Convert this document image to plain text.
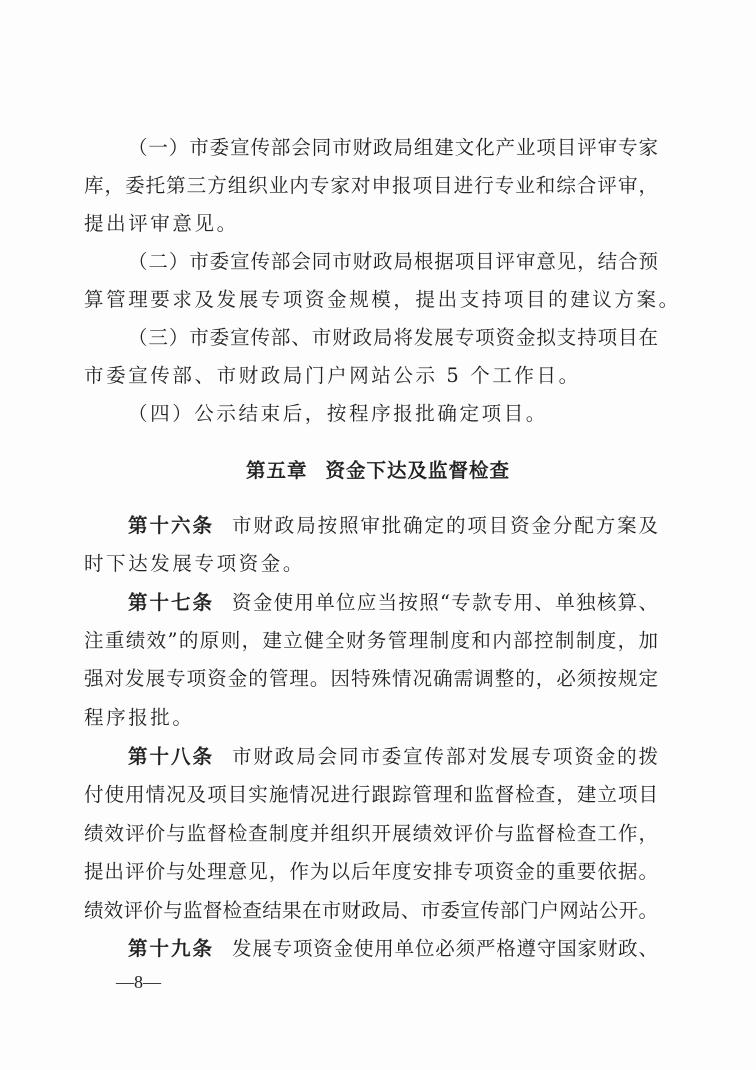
（一）市委宣传部会同市财政局组建文化产业项目评审专家
库，委托第三方组织业内专家对申报项目进行专业和综合评审，
提出评审意见。
（二）市委宣传部会同市财政局根据项目评审意见，结合预
算管理要求及发展专项资金规模，提出支持项目的建议方案。
（三）市委宣传部、市财政局将发展专项资金拟支持项目在
市委宣传部、市财政局门户网站公示 5 个工作日。
（四）公示结束后，按程序报批确定项目。
第五章 资金下达及监督检查
第十六条 市财政局按照审批确定的项目资金分配方案及
时下达发展专项资金。
第十七条 资金使用单位应当按照“专款专用、单独核算、
注重绩效”的原则，建立健全财务管理制度和内部控制制度，加
强对发展专项资金的管理。因特殊情况确需调整的，必须按规定
程序报批。
第十八条 市财政局会同市委宣传部对发展专项资金的拨
付使用情况及项目实施情况进行跟踪管理和监督检查，建立项目
绩效评价与监督检查制度并组织开展绩效评价与监督检查工作，
提出评价与处理意见，作为以后年度安排专项资金的重要依据。
绩效评价与监督检查结果在市财政局、市委宣传部门户网站公开。
第十九条 发展专项资金使用单位必须严格遵守国家财政、
—8—
